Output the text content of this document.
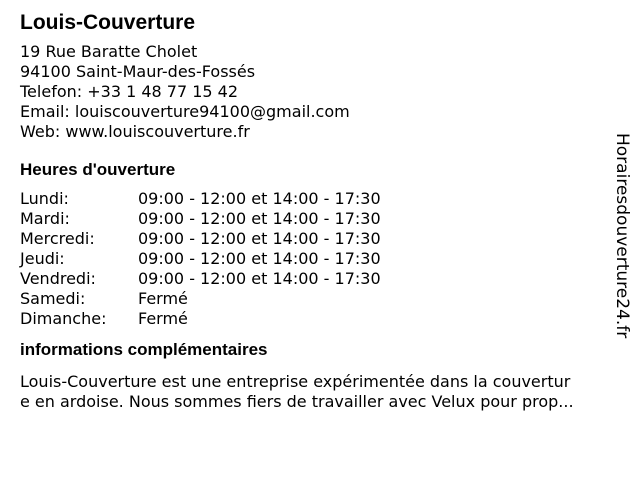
Louis-Couverture
19 Rue Baratte Cholet
94100 Saint-Maur-des-Fossés
Telefon: +33 1 48 77 15 42
Email: louiscouverture94100@gmail.com
Web: www.louiscouverture.fr
Heures d'ouverture
Lundi:	09:00 - 12:00 et 14:00 - 17:30
Mardi:	09:00 - 12:00 et 14:00 - 17:30
Mercredi:	09:00 - 12:00 et 14:00 - 17:30
Jeudi:	09:00 - 12:00 et 14:00 - 17:30
Vendredi:	09:00 - 12:00 et 14:00 - 17:30
Samedi:	Fermé
Dimanche:	Fermé
informations complémentaires
Louis-Couverture est une entreprise expérimentée dans la couvertur
e en ardoise. Nous sommes fiers de travailler avec Velux pour prop...
Horairesdouverture24.fr
